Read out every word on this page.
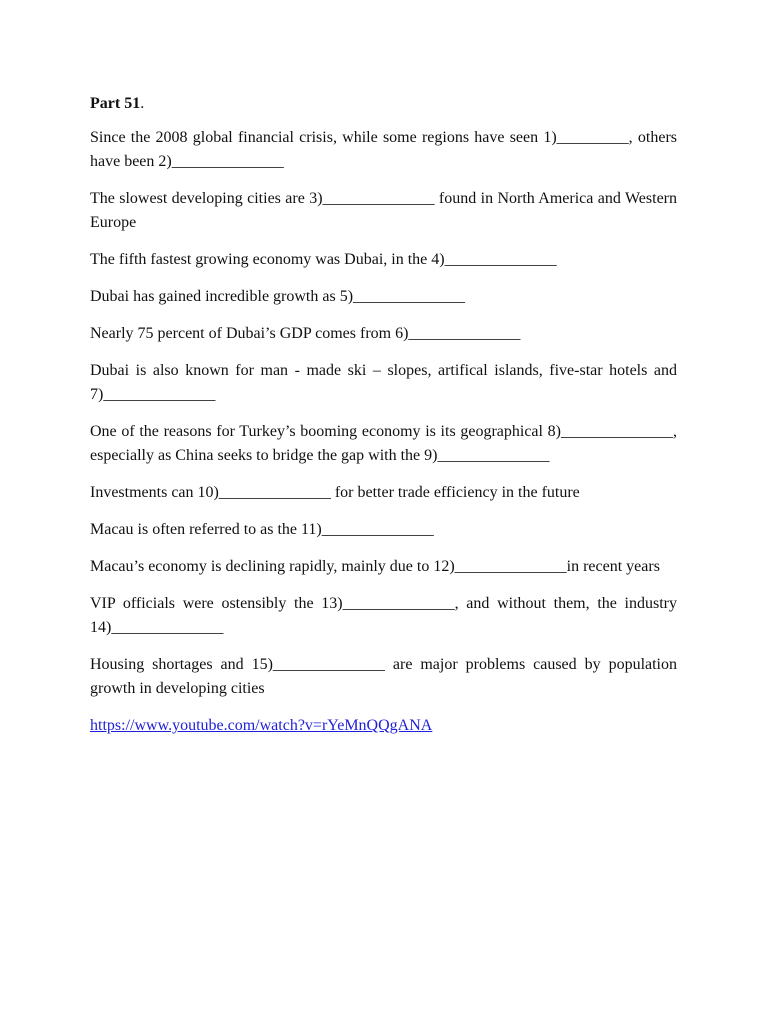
Part 51.

Since the 2008 global financial crisis, while some regions have seen 1)_________, others have been 2)______________

The slowest developing cities are 3)______________ found in North America and Western Europe

The fifth fastest growing economy was Dubai, in the 4)______________

Dubai has gained incredible growth as 5)______________

Nearly 75 percent of Dubai’s GDP comes from 6)______________

Dubai is also known for man - made ski – slopes, artifical islands, five-star hotels and 7)______________

One of the reasons for Turkey’s booming economy is its geographical 8)______________, especially as China seeks to bridge the gap with the 9)______________

Investments can 10)______________ for better trade efficiency in the future

Macau is often referred to as the 11)______________

Macau’s economy is declining rapidly, mainly due to 12)______________in recent years

VIP officials were ostensibly the 13)______________, and without them, the industry 14)______________

Housing shortages and 15)______________ are major problems caused by population growth in developing cities

https://www.youtube.com/watch?v=rYeMnQQgANA
